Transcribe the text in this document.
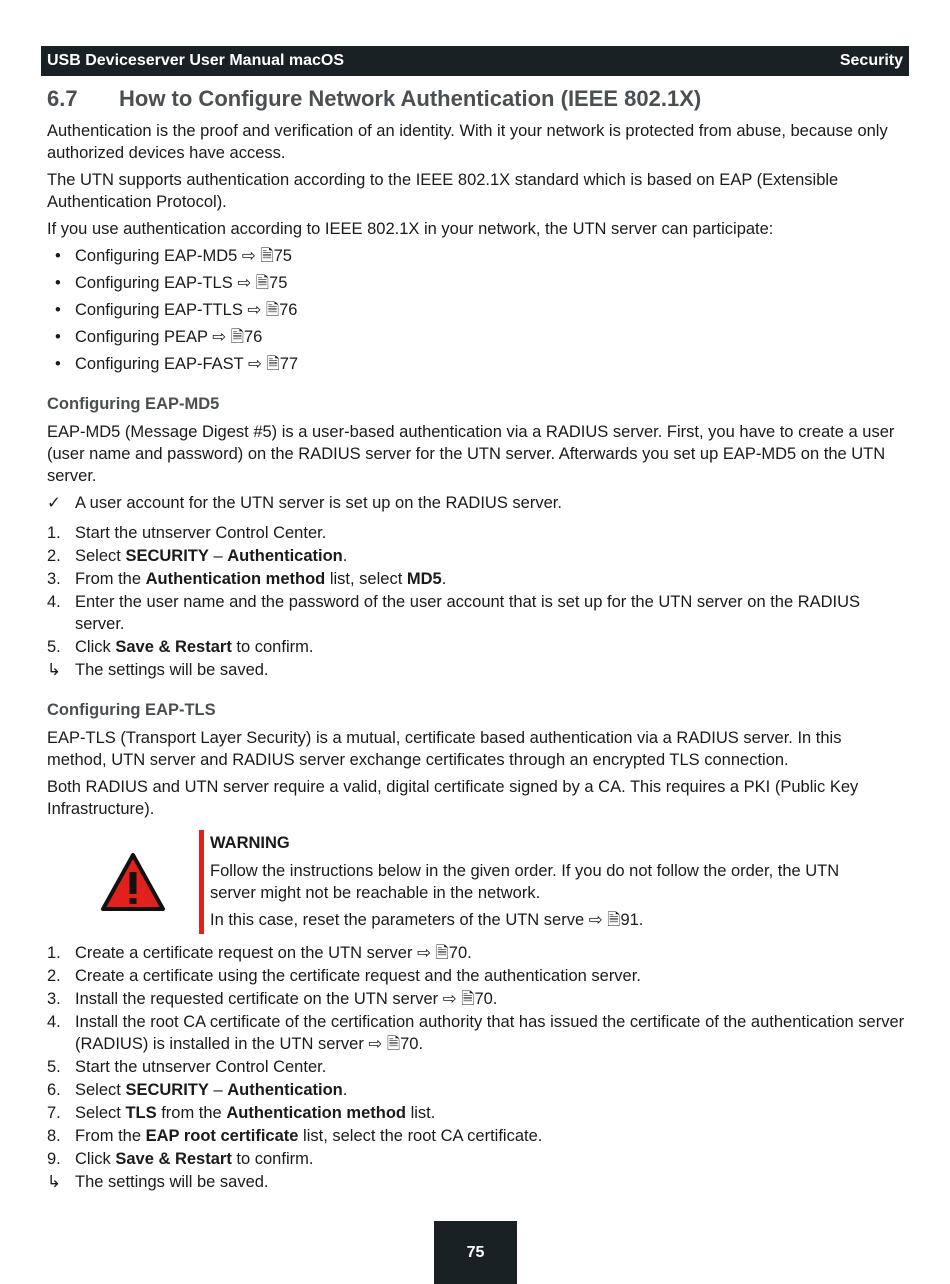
USB Deviceserver User Manual macOS	Security
6.7	How to Configure Network Authentication (IEEE 802.1X)

Authentication is the proof and verification of an identity. With it your network is protected from abuse, because only authorized devices have access.

The UTN supports authentication according to the IEEE 802.1X standard which is based on EAP (Extensible Authentication Protocol).

If you use authentication according to IEEE 802.1X in your network, the UTN server can participate:

• Configuring EAP-MD5 ⇨ 🗎75
• Configuring EAP-TLS ⇨ 🗎75
• Configuring EAP-TTLS ⇨ 🗎76
• Configuring PEAP ⇨ 🗎76
• Configuring EAP-FAST ⇨ 🗎77
Configuring EAP-MD5

EAP-MD5 (Message Digest #5) is a user-based authentication via a RADIUS server. First, you have to create a user (user name and password) on the RADIUS server for the UTN server. Afterwards you set up EAP-MD5 on the UTN server.

✓ A user account for the UTN server is set up on the RADIUS server.
1. Start the utnserver Control Center.
2. Select SECURITY – Authentication.
3. From the Authentication method list, select MD5.
4. Enter the user name and the password of the user account that is set up for the UTN server on the RADIUS server.
5. Click Save & Restart to confirm.
↳ The settings will be saved.
Configuring EAP-TLS

EAP-TLS (Transport Layer Security) is a mutual, certificate based authentication via a RADIUS server. In this method, UTN server and RADIUS server exchange certificates through an encrypted TLS connection.

Both RADIUS and UTN server require a valid, digital certificate signed by a CA. This requires a PKI (Public Key Infrastructure).

WARNING

Follow the instructions below in the given order. If you do not follow the order, the UTN server might not be reachable in the network.

In this case, reset the parameters of the UTN serve ⇨ 🗎91.

1. Create a certificate request on the UTN server ⇨ 🗎70.
2. Create a certificate using the certificate request and the authentication server.
3. Install the requested certificate on the UTN server ⇨ 🗎70.
4. Install the root CA certificate of the certification authority that has issued the certificate of the authentication server (RADIUS) is installed in the UTN server ⇨ 🗎70.
5. Start the utnserver Control Center.
6. Select SECURITY – Authentication.
7. Select TLS from the Authentication method list.
8. From the EAP root certificate list, select the root CA certificate.
9. Click Save & Restart to confirm.
↳ The settings will be saved.
75
